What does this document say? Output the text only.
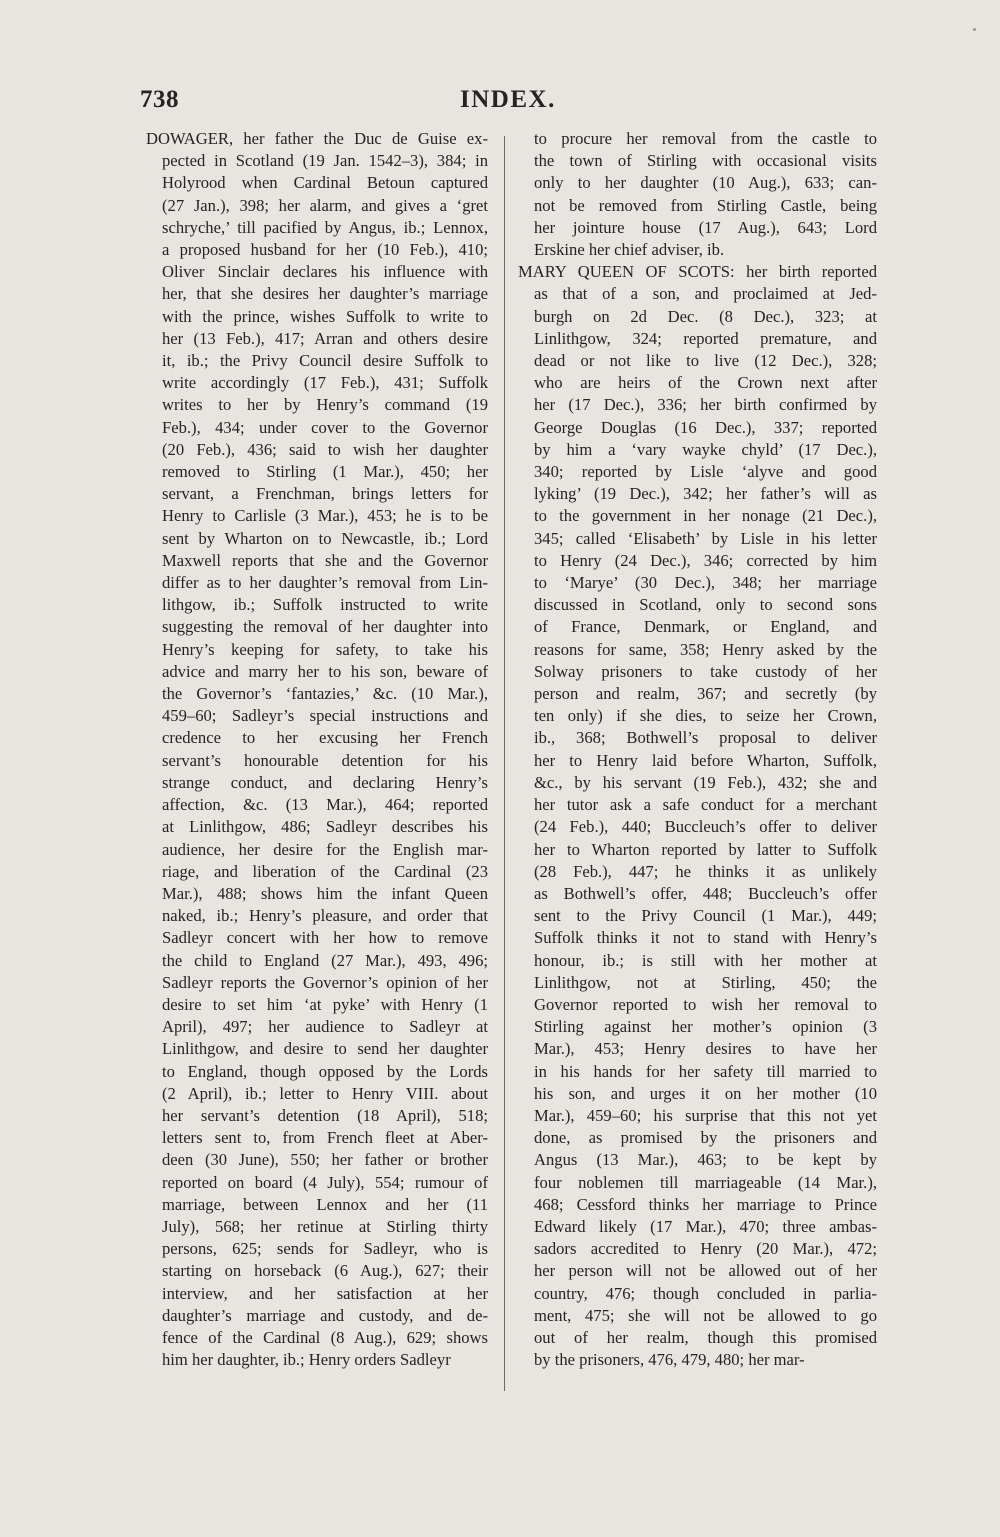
738	INDEX.
DOWAGER, her father the Duc de Guise ex-
pected in Scotland (19 Jan. 1542–3), 384; in
Holyrood when Cardinal Betoun captured
(27 Jan.), 398; her alarm, and gives a ‘gret
schryche,’ till pacified by Angus, ib.; Lennox,
a proposed husband for her (10 Feb.), 410;
Oliver Sinclair declares his influence with
her, that she desires her daughter’s marriage
with the prince, wishes Suffolk to write to
her (13 Feb.), 417; Arran and others desire
it, ib.; the Privy Council desire Suffolk to
write accordingly (17 Feb.), 431; Suffolk
writes to her by Henry’s command (19
Feb.), 434; under cover to the Governor
(20 Feb.), 436; said to wish her daughter
removed to Stirling (1 Mar.), 450; her
servant, a Frenchman, brings letters for
Henry to Carlisle (3 Mar.), 453; he is to be
sent by Wharton on to Newcastle, ib.; Lord
Maxwell reports that she and the Governor
differ as to her daughter’s removal from Lin-
lithgow, ib.; Suffolk instructed to write
suggesting the removal of her daughter into
Henry’s keeping for safety, to take his
advice and marry her to his son, beware of
the Governor’s ‘fantazies,’ &c. (10 Mar.),
459–60; Sadleyr’s special instructions and
credence to her excusing her French
servant’s honourable detention for his
strange conduct, and declaring Henry’s
affection, &c. (13 Mar.), 464; reported
at Linlithgow, 486; Sadleyr describes his
audience, her desire for the English mar-
riage, and liberation of the Cardinal (23
Mar.), 488; shows him the infant Queen
naked, ib.; Henry’s pleasure, and order that
Sadleyr concert with her how to remove
the child to England (27 Mar.), 493, 496;
Sadleyr reports the Governor’s opinion of her
desire to set him ‘at pyke’ with Henry (1
April), 497; her audience to Sadleyr at
Linlithgow, and desire to send her daughter
to England, though opposed by the Lords
(2 April), ib.; letter to Henry VIII. about
her servant’s detention (18 April), 518;
letters sent to, from French fleet at Aber-
deen (30 June), 550; her father or brother
reported on board (4 July), 554; rumour of
marriage, between Lennox and her (11
July), 568; her retinue at Stirling thirty
persons, 625; sends for Sadleyr, who is
starting on horseback (6 Aug.), 627; their
interview, and her satisfaction at her
daughter’s marriage and custody, and de-
fence of the Cardinal (8 Aug.), 629; shows
him her daughter, ib.; Henry orders Sadleyr
to procure her removal from the castle to
the town of Stirling with occasional visits
only to her daughter (10 Aug.), 633; can-
not be removed from Stirling Castle, being
her jointure house (17 Aug.), 643; Lord
Erskine her chief adviser, ib.
MARY QUEEN OF SCOTS: her birth reported
as that of a son, and proclaimed at Jed-
burgh on 2d Dec. (8 Dec.), 323; at
Linlithgow, 324; reported premature, and
dead or not like to live (12 Dec.), 328;
who are heirs of the Crown next after
her (17 Dec.), 336; her birth confirmed by
George Douglas (16 Dec.), 337; reported
by him a ‘vary wayke chyld’ (17 Dec.),
340; reported by Lisle ‘alyve and good
lyking’ (19 Dec.), 342; her father’s will as
to the government in her nonage (21 Dec.),
345; called ‘Elisabeth’ by Lisle in his letter
to Henry (24 Dec.), 346; corrected by him
to ‘Marye’ (30 Dec.), 348; her marriage
discussed in Scotland, only to second sons
of France, Denmark, or England, and
reasons for same, 358; Henry asked by the
Solway prisoners to take custody of her
person and realm, 367; and secretly (by
ten only) if she dies, to seize her Crown,
ib., 368; Bothwell’s proposal to deliver
her to Henry laid before Wharton, Suffolk,
&c., by his servant (19 Feb.), 432; she and
her tutor ask a safe conduct for a merchant
(24 Feb.), 440; Buccleuch’s offer to deliver
her to Wharton reported by latter to Suffolk
(28 Feb.), 447; he thinks it as unlikely
as Bothwell’s offer, 448; Buccleuch’s offer
sent to the Privy Council (1 Mar.), 449;
Suffolk thinks it not to stand with Henry’s
honour, ib.; is still with her mother at
Linlithgow, not at Stirling, 450; the
Governor reported to wish her removal to
Stirling against her mother’s opinion (3
Mar.), 453; Henry desires to have her
in his hands for her safety till married to
his son, and urges it on her mother (10
Mar.), 459–60; his surprise that this not yet
done, as promised by the prisoners and
Angus (13 Mar.), 463; to be kept by
four noblemen till marriageable (14 Mar.),
468; Cessford thinks her marriage to Prince
Edward likely (17 Mar.), 470; three ambas-
sadors accredited to Henry (20 Mar.), 472;
her person will not be allowed out of her
country, 476; though concluded in parlia-
ment, 475; she will not be allowed to go
out of her realm, though this promised
by the prisoners, 476, 479, 480; her mar-
